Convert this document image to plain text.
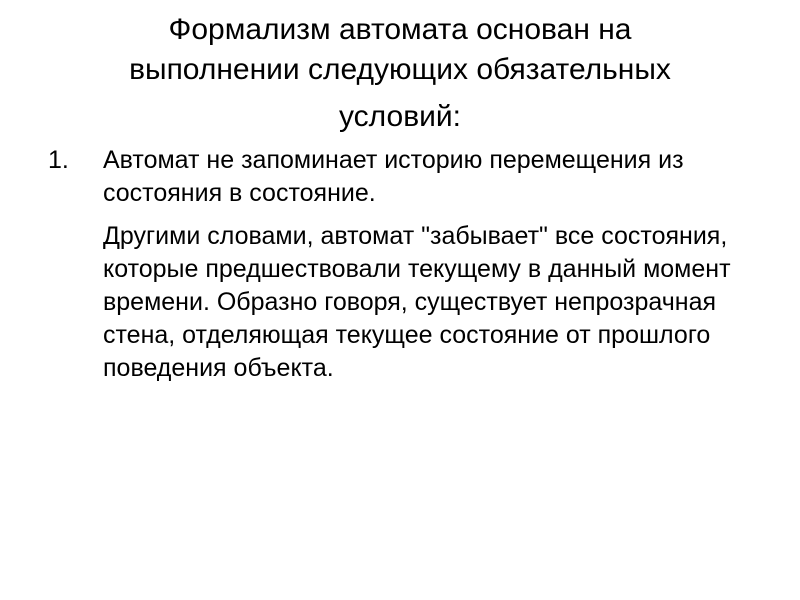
Формализм автомата основан на
выполнении следующих обязательных
условий:
1. Автомат не запоминает историю перемещения из состояния в состояние.
Другими словами, автомат "забывает" все состояния, которые предшествовали текущему в данный момент времени. Образно говоря, существует непрозрачная стена, отделяющая текущее состояние от прошлого поведения объекта.
